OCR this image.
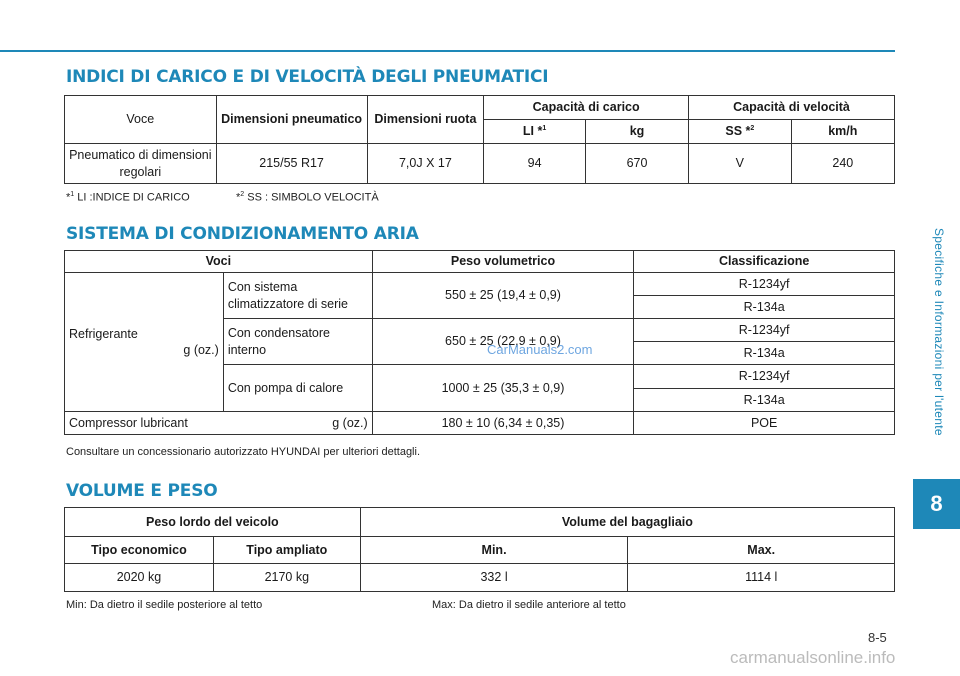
Specifiche e Informazioni per l'utente
8
INDICI DI CARICO E DI VELOCITÀ DEGLI PNEUMATICI
Voce	Dimensioni pneumatico	Dimensioni ruota	Capacità di carico		Capacità di velocità	
			LI *$^1$	kg	SS *$^2$	km/h
Pneumatico di dimensioni regolari	215/55 R17	7,0J X 17	94	670	V	240
*$^1$ LI :INDICE DI CARICO	*$^2$ SS : SIMBOLO VELOCITÀ
SISTEMA DI CONDIZIONAMENTO ARIA
Voci		Peso volumetrico	Classificazione

Refrigerante
g (oz.)	Con sistema climatizzatore di serie	550 ± 25 (19,4 ± 0,9)	R-1234yf
			R-134a
	Con condensatore interno	650 ± 25 (22,9 ± 0,9)	R-1234yf
			R-134a
	Con pompa di calore	1000 ± 25 (35,3 ± 0,9)	R-1234yf
			R-134a
Compressor lubricant g (oz.)		180 ± 10 (6,34 ± 0,35)	POE
Consultare un concessionario autorizzato HYUNDAI per ulteriori dettagli.
VOLUME E PESO
Peso lordo del veicolo		Volume del bagagliaio	
Tipo economico	Tipo ampliato	Min.	Max.
2020 kg	2170 kg	332 l	1114 l
Min: Da dietro il sedile posteriore al tetto	Max: Da dietro il sedile anteriore al tetto
CarManuals2.com
8-5
carmanualsonline.info
